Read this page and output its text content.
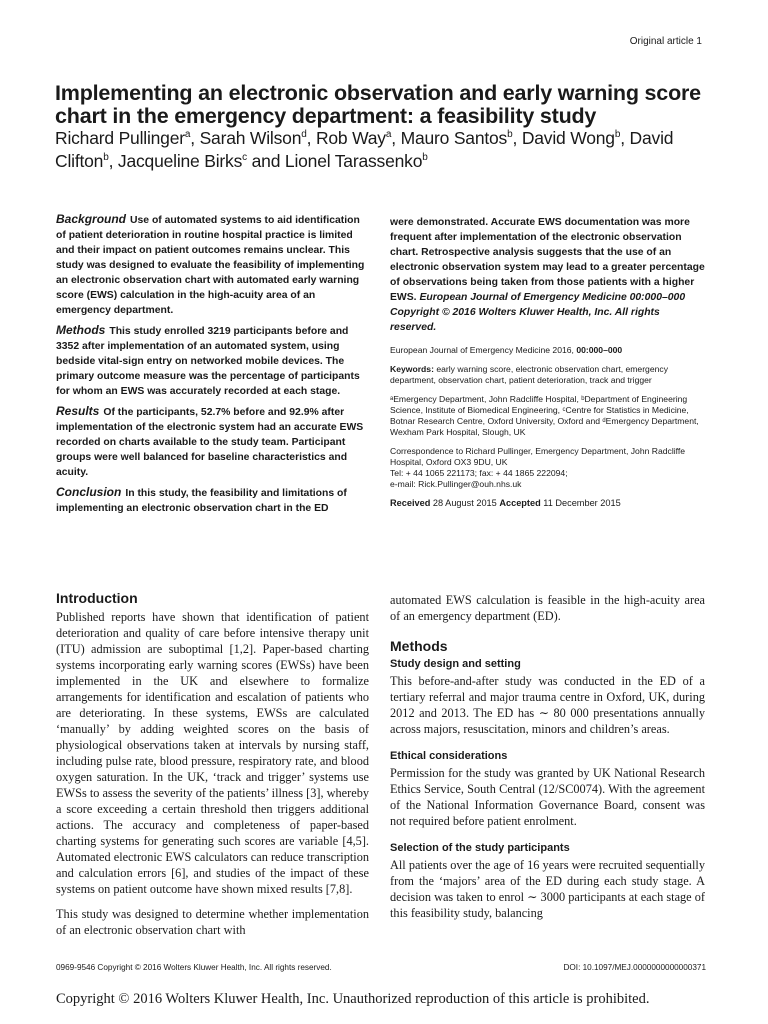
Original article 1
Implementing an electronic observation and early warning score chart in the emergency department: a feasibility study
Richard Pullinger$^a$, Sarah Wilson$^d$, Rob Way$^a$, Mauro Santos$^b$, David Wong$^b$, David Clifton$^b$, Jacqueline Birks$^c$ and Lionel Tarassenko$^b$

Background Use of automated systems to aid identification of patient deterioration in routine hospital practice is limited and their impact on patient outcomes remains unclear. This study was designed to evaluate the feasibility of implementing an electronic observation chart with automated early warning score (EWS) calculation in the high-acuity area of an emergency department.

Methods This study enrolled 3219 participants before and 3352 after implementation of an automated system, using bedside vital-sign entry on networked mobile devices. The primary outcome measure was the percentage of participants for whom an EWS was accurately recorded at each stage.

Results Of the participants, 52.7% before and 92.9% after implementation of the electronic system had an accurate EWS recorded on charts available to the study team. Participant groups were well balanced for baseline characteristics and acuity.

Conclusion In this study, the feasibility and limitations of implementing an electronic observation chart in the ED

were demonstrated. Accurate EWS documentation was more frequent after implementation of the electronic observation chart. Retrospective analysis suggests that the use of an electronic observation system may lead to a greater percentage of observations being taken from those patients with a higher EWS. European Journal of Emergency Medicine 00:000–000 Copyright © 2016 Wolters Kluwer Health, Inc. All rights reserved.

European Journal of Emergency Medicine 2016, 00:000–000

Keywords: early warning score, electronic observation chart, emergency department, observation chart, patient deterioration, track and trigger

ᵃEmergency Department, John Radcliffe Hospital, ᵇDepartment of Engineering Science, Institute of Biomedical Engineering, ᶜCentre for Statistics in Medicine, Botnar Research Centre, Oxford University, Oxford and ᵈEmergency Department, Wexham Park Hospital, Slough, UK

Correspondence to Richard Pullinger, Emergency Department, John Radcliffe Hospital, Oxford OX3 9DU, UK
Tel: + 44 1065 221173; fax: + 44 1865 222094;
e-mail: Rick.Pullinger@ouh.nhs.uk

Received 28 August 2015 Accepted 11 December 2015

Introduction

Published reports have shown that identification of patient deterioration and quality of care before intensive therapy unit (ITU) admission are suboptimal [1,2]. Paper-based charting systems incorporating early warning scores (EWSs) have been implemented in the UK and elsewhere to formalize arrangements for identification and escalation of patients who are deteriorating. In these systems, EWSs are calculated ‘manually’ by adding weighted scores on the basis of physiological observations taken at intervals by nursing staff, including pulse rate, blood pressure, respiratory rate, and blood oxygen saturation. In the UK, ‘track and trigger’ systems use EWSs to assess the severity of the patients’ illness [3], whereby a score exceeding a certain threshold then triggers additional actions. The accuracy and completeness of paper-based charting systems for generating such scores are variable [4,5]. Automated electronic EWS calculators can reduce transcription and calculation errors [6], and studies of the impact of these systems on patient outcome have shown mixed results [7,8].

This study was designed to determine whether implementation of an electronic observation chart with

automated EWS calculation is feasible in the high-acuity area of an emergency department (ED).

Methods
Study design and setting

This before-and-after study was conducted in the ED of a tertiary referral and major trauma centre in Oxford, UK, during 2012 and 2013. The ED has ∼ 80 000 presentations annually across majors, resuscitation, minors and children’s areas.

Ethical considerations

Permission for the study was granted by UK National Research Ethics Service, South Central (12/SC0074). With the agreement of the National Information Governance Board, consent was not required before patient enrolment.

Selection of the study participants

All patients over the age of 16 years were recruited sequentially from the ‘majors’ area of the ED during each study stage. A decision was taken to enrol ∼ 3000 participants at each stage of this feasibility study, balancing

0969-9546 Copyright © 2016 Wolters Kluwer Health, Inc. All rights reserved.	DOI: 10.1097/MEJ.0000000000000371
Copyright © 2016 Wolters Kluwer Health, Inc. Unauthorized reproduction of this article is prohibited.
